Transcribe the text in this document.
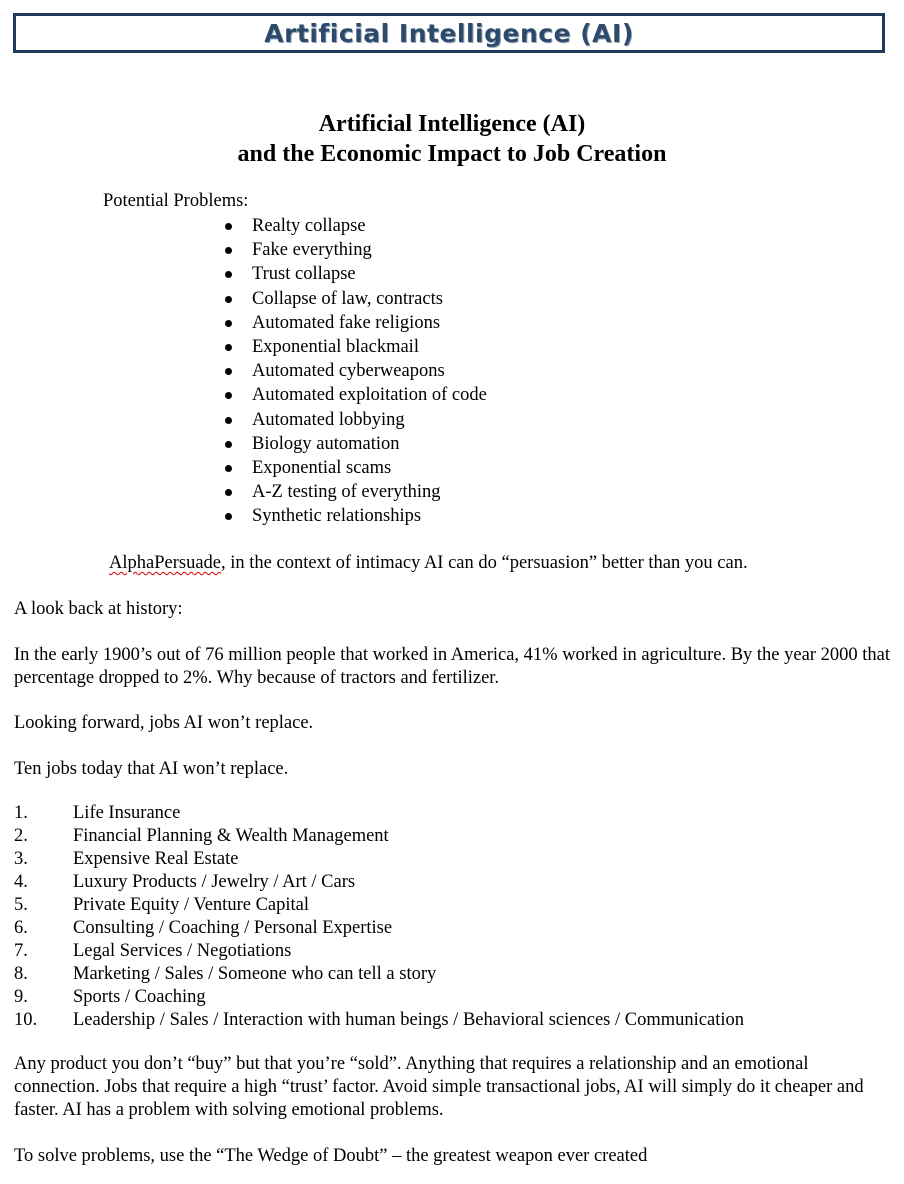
Artificial Intelligence (AI)
Artificial Intelligence (AI)
and the Economic Impact to Job Creation
Potential Problems:
Realty collapse
Fake everything
Trust collapse
Collapse of law, contracts
Automated fake religions
Exponential blackmail
Automated cyberweapons
Automated exploitation of code
Automated lobbying
Biology automation
Exponential scams
A-Z testing of everything
Synthetic relationships
AlphaPersuade, in the context of intimacy AI can do “persuasion” better than you can.
A look back at history:
In the early 1900’s out of 76 million people that worked in America, 41% worked in agriculture. By the year 2000 that percentage dropped to 2%. Why because of tractors and fertilizer.
Looking forward, jobs AI won’t replace.
Ten jobs today that AI won’t replace.
1. Life Insurance
2. Financial Planning & Wealth Management
3. Expensive Real Estate
4. Luxury Products / Jewelry / Art / Cars
5. Private Equity / Venture Capital
6. Consulting / Coaching / Personal Expertise
7. Legal Services / Negotiations
8. Marketing / Sales / Someone who can tell a story
9. Sports / Coaching
10. Leadership / Sales / Interaction with human beings / Behavioral sciences / Communication
Any product you don’t “buy” but that you’re “sold”. Anything that requires a relationship and an emotional connection. Jobs that require a high “trust’ factor. Avoid simple transactional jobs, AI will simply do it cheaper and faster. AI has a problem with solving emotional problems.
To solve problems, use the “The Wedge of Doubt” – the greatest weapon ever created
